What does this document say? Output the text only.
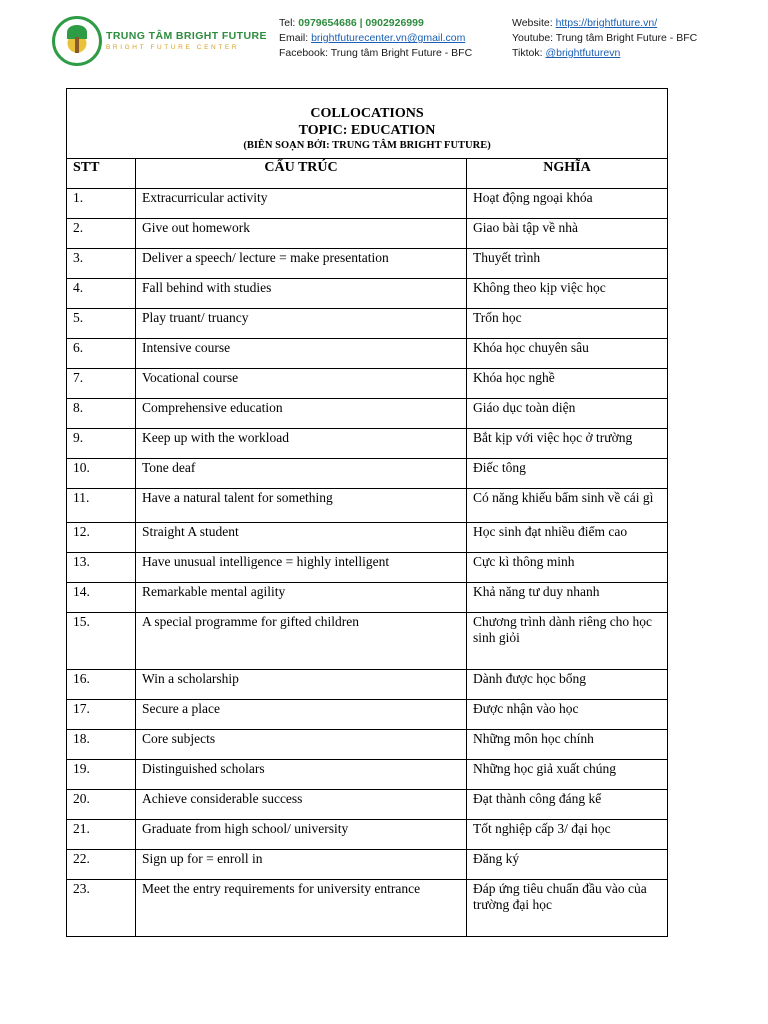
TRUNG TÂM BRIGHT FUTURE
BRIGHT FUTURE CENTER
Tel: 0979654686 | 0902926999
Email: brightfuturecenter.vn@gmail.com
Facebook: Trung tâm Bright Future - BFC
Website: https://brightfuture.vn/
Youtube: Trung tâm Bright Future - BFC
Tiktok: @brightfuturevn
COLLOCATIONS
TOPIC: EDUCATION
(BIÊN SOẠN BỞI: TRUNG TÂM BRIGHT FUTURE)		

STT	CẤU TRÚC	NGHĨA
1.	Extracurricular activity	Hoạt động ngoại khóa
2.	Give out homework	Giao bài tập về nhà
3.	Deliver a speech/ lecture = make presentation	Thuyết trình
4.	Fall behind with studies	Không theo kịp việc học
5.	Play truant/ truancy	Trốn học
6.	Intensive course	Khóa học chuyên sâu
7.	Vocational course	Khóa học nghề
8.	Comprehensive education	Giáo dục toàn diện
9.	Keep up with the workload	Bắt kịp với việc học ở trường
10.	Tone deaf	Điếc tông
11.	Have a natural talent for something	Có năng khiếu bẩm sinh về cái gì
12.	Straight A student	Học sinh đạt nhiều điểm cao
13.	Have unusual intelligence = highly intelligent	Cực kì thông minh
14.	Remarkable mental agility	Khả năng tư duy nhanh
15.	A special programme for gifted children	Chương trình dành riêng cho học sinh giỏi
16.	Win a scholarship	Dành được học bổng
17.	Secure a place	Được nhận vào học
18.	Core subjects	Những môn học chính
19.	Distinguished scholars	Những học giả xuất chúng
20.	Achieve considerable success	Đạt thành công đáng kể
21.	Graduate from high school/ university	Tốt nghiệp cấp 3/ đại học
22.	Sign up for = enroll in	Đăng ký
23.	Meet the entry requirements for university entrance	Đáp ứng tiêu chuẩn đầu vào của trường đại học
